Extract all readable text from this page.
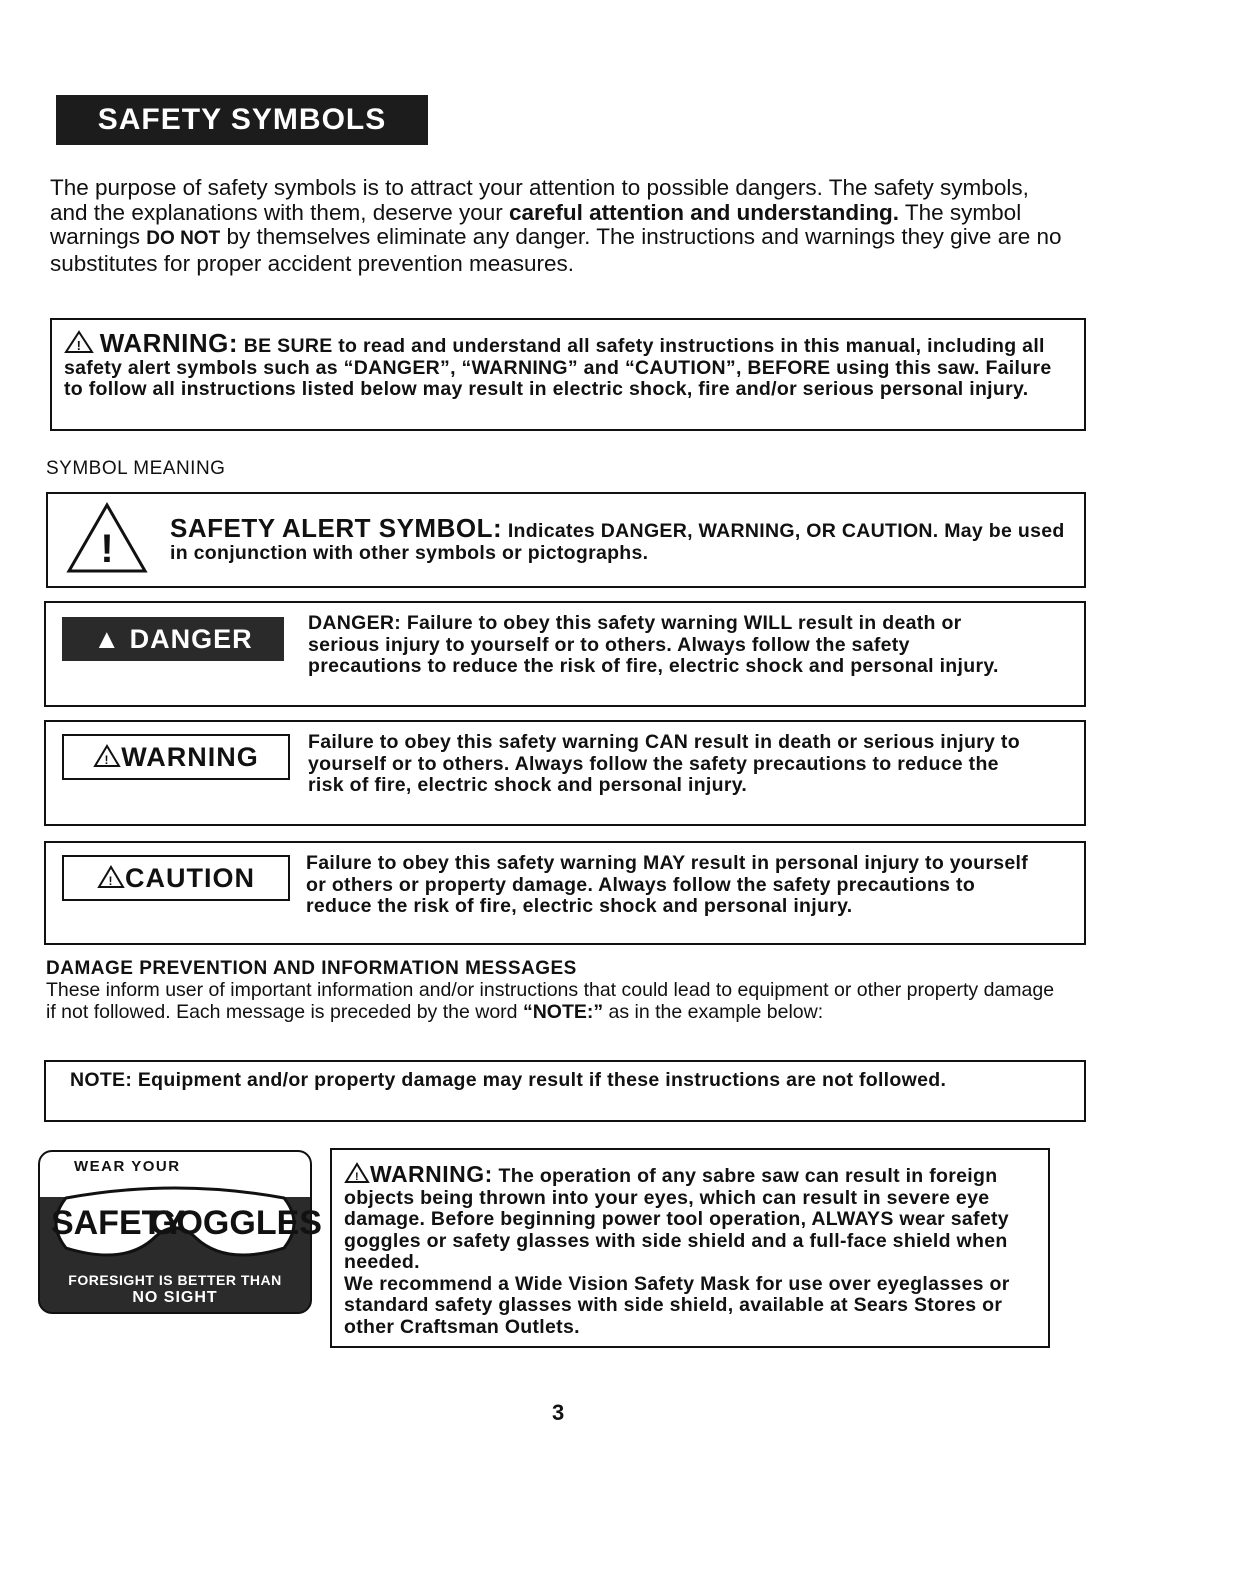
SAFETY SYMBOLS
The purpose of safety symbols is to attract your attention to possible dangers. The safety symbols, and the explanations with them, deserve your careful attention and understanding. The symbol warnings DO NOT by themselves eliminate any danger. The instructions and warnings they give are no substitutes for proper accident prevention measures.
! WARNING: BE SURE to read and understand all safety instructions in this manual, including all safety alert symbols such as “DANGER”, “WARNING” and “CAUTION”, BEFORE using this saw. Failure to follow all instructions listed below may result in electric shock, fire and/or serious personal injury.
SYMBOL MEANING
! SAFETY ALERT SYMBOL: Indicates DANGER, WARNING, OR CAUTION. May be used in conjunction with other symbols or pictographs.
▲ DANGER
DANGER: Failure to obey this safety warning WILL result in death or serious injury to yourself or to others. Always follow the safety precautions to reduce the risk of fire, electric shock and personal injury.
! WARNING	Failure to obey this safety warning CAN result in death or serious injury to yourself or to others. Always follow the safety precautions to reduce the risk of fire, electric shock and personal injury.
! CAUTION	Failure to obey this safety warning MAY result in personal injury to yourself or others or property damage. Always follow the safety precautions to reduce the risk of fire, electric shock and personal injury.
DAMAGE PREVENTION AND INFORMATION MESSAGES
These inform user of important information and/or instructions that could lead to equipment or other property damage if not followed. Each message is preceded by the word “NOTE:” as in the example below:
NOTE: Equipment and/or property damage may result if these instructions are not followed.
WEAR YOUR
SAFETY
GOGGLES
FORESIGHT IS BETTER THAN
NO SIGHT
! WARNING: The operation of any sabre saw can result in foreign objects being thrown into your eyes, which can result in severe eye damage. Before beginning power tool operation, ALWAYS wear safety goggles or safety glasses with side shield and a full-face shield when needed.
We recommend a Wide Vision Safety Mask for use over eyeglasses or standard safety glasses with side shield, available at Sears Stores or other Craftsman Outlets.
3
